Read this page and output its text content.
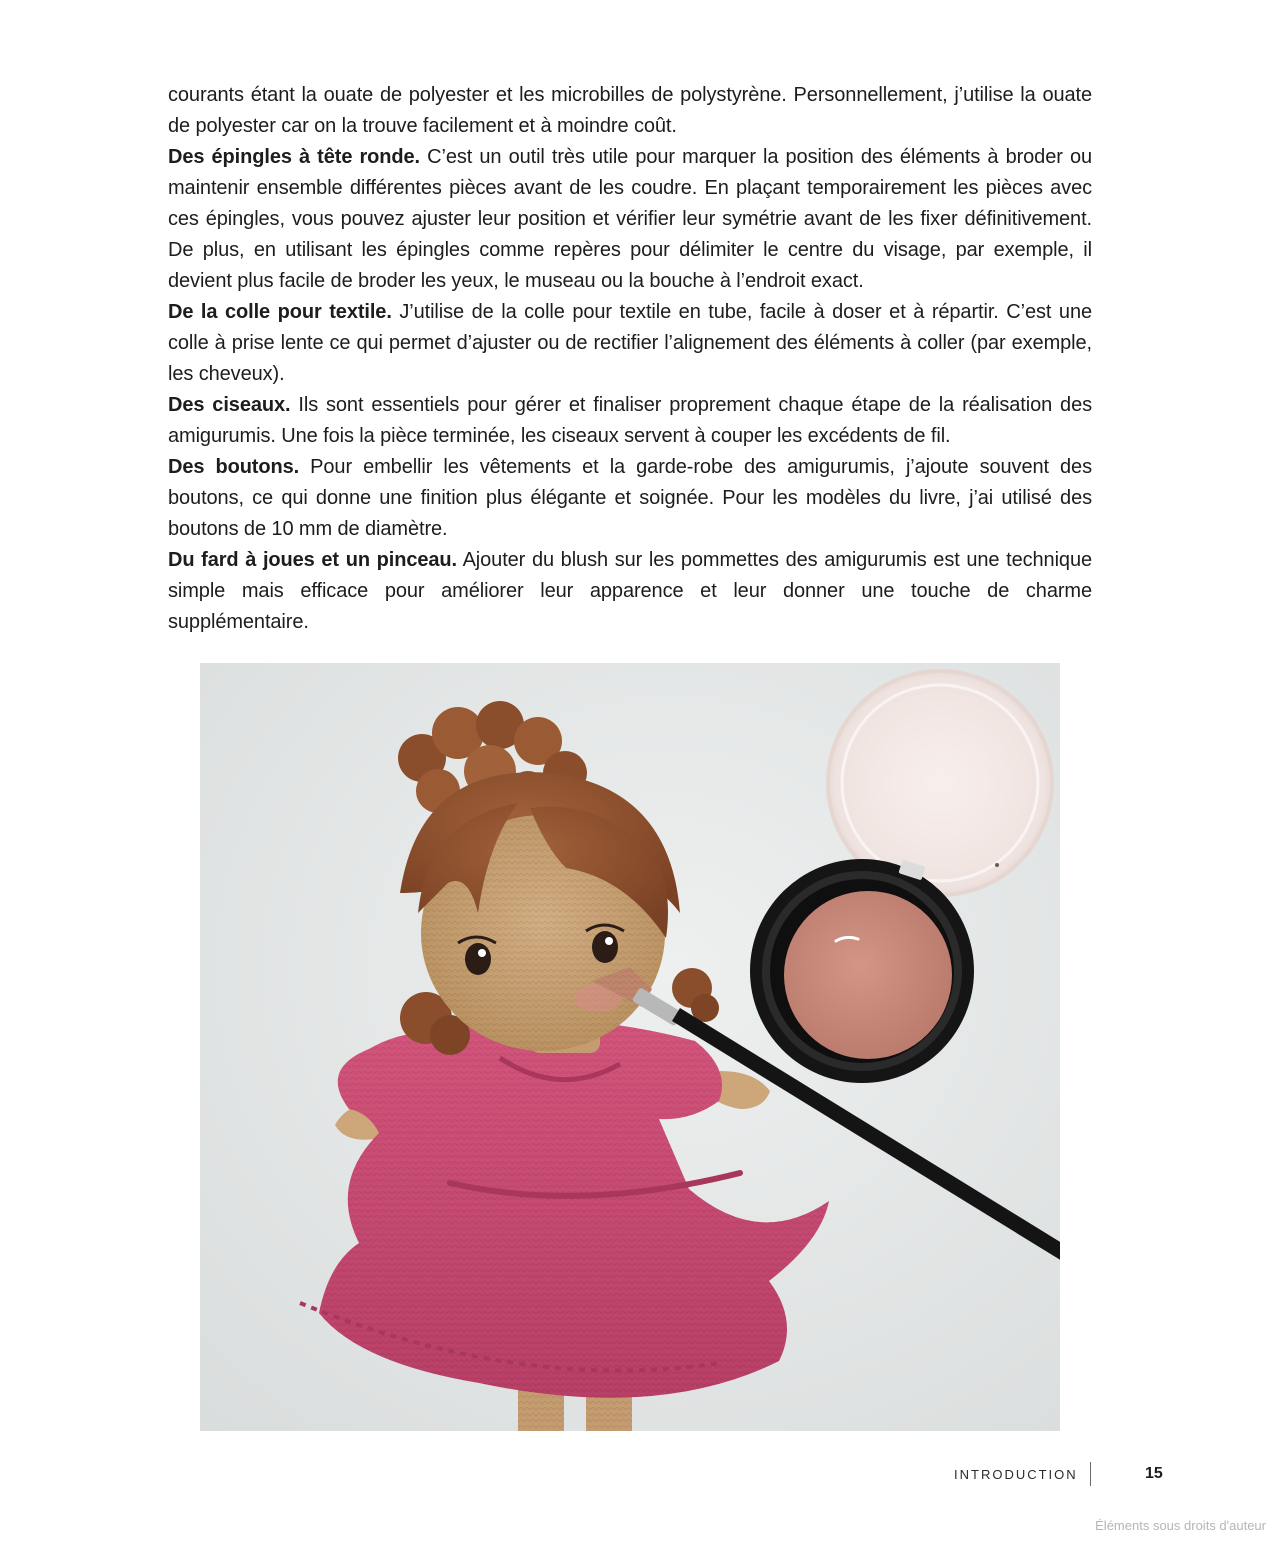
courants étant la ouate de polyester et les microbilles de polystyrène. Personnellement, j’utilise la ouate de polyester car on la trouve facilement et à moindre coût.

Des épingles à tête ronde. C’est un outil très utile pour marquer la position des éléments à broder ou maintenir ensemble différentes pièces avant de les coudre. En plaçant temporairement les pièces avec ces épingles, vous pouvez ajuster leur position et vérifier leur symétrie avant de les fixer définitivement. De plus, en utilisant les épingles comme repères pour délimiter le centre du visage, par exemple, il devient plus facile de broder les yeux, le museau ou la bouche à l’endroit exact.

De la colle pour textile. J’utilise de la colle pour textile en tube, facile à doser et à répartir. C’est une colle à prise lente ce qui permet d’ajuster ou de rectifier l’alignement des éléments à coller (par exemple, les cheveux).

Des ciseaux. Ils sont essentiels pour gérer et finaliser proprement chaque étape de la réalisation des amigurumis. Une fois la pièce terminée, les ciseaux servent à couper les excédents de fil.

Des boutons. Pour embellir les vêtements et la garde-robe des amigurumis, j’ajoute souvent des boutons, ce qui donne une finition plus élégante et soignée. Pour les modèles du livre, j’ai utilisé des boutons de 10 mm de diamètre.

Du fard à joues et un pinceau. Ajouter du blush sur les pommettes des amigurumis est une technique simple mais efficace pour améliorer leur apparence et leur donner une touche de charme supplémentaire.

INTRODUCTION	15
Éléments sous droits d'auteur
